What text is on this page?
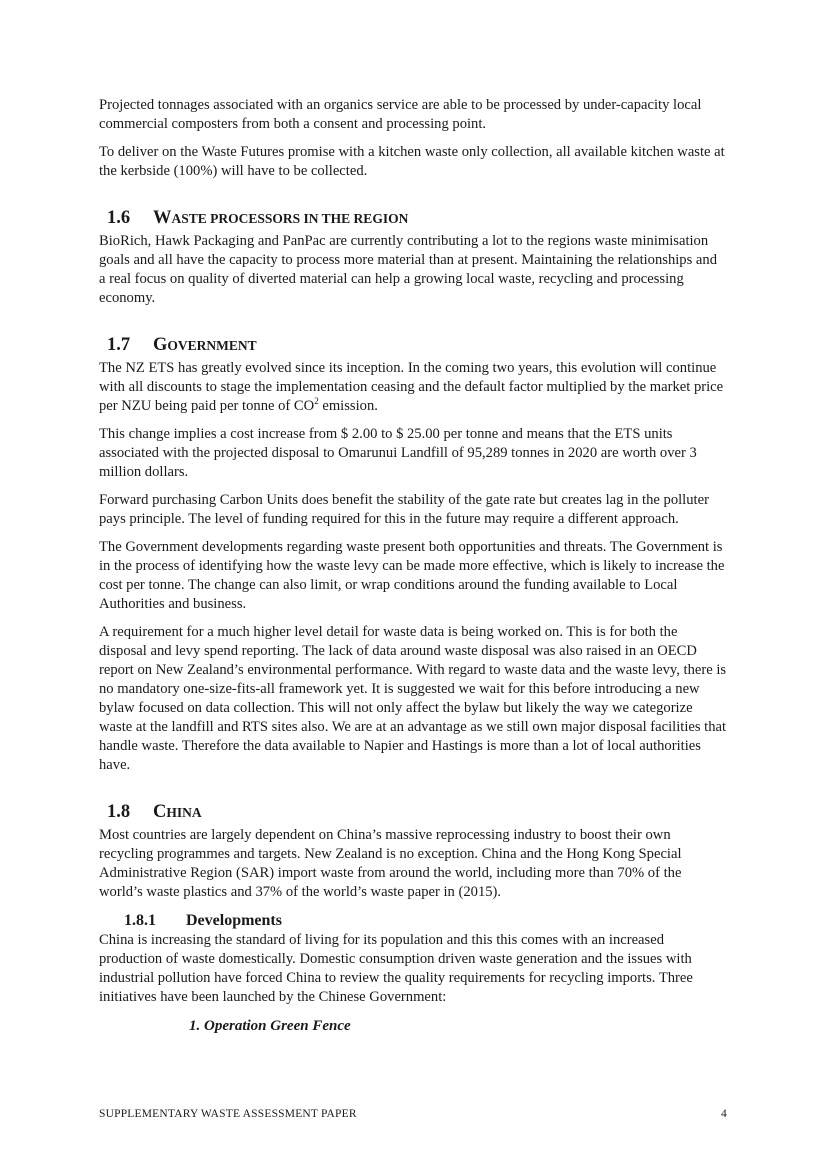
Projected tonnages associated with an organics service are able to be processed by under-capacity local commercial composters from both a consent and processing point.

To deliver on the Waste Futures promise with a kitchen waste only collection, all available kitchen waste at the kerbside (100%) will have to be collected.

1.6 WASTE PROCESSORS IN THE REGION

BioRich, Hawk Packaging and PanPac are currently contributing a lot to the regions waste minimisation goals and all have the capacity to process more material than at present. Maintaining the relationships and a real focus on quality of diverted material can help a growing local waste, recycling and processing economy.

1.7 GOVERNMENT

The NZ ETS has greatly evolved since its inception. In the coming two years, this evolution will continue with all discounts to stage the implementation ceasing and the default factor multiplied by the market price per NZU being paid per tonne of $CO^2$ emission.

This change implies a cost increase from $ 2.00 to $ 25.00 per tonne and means that the ETS units associated with the projected disposal to Omarunui Landfill of 95,289 tonnes in 2020 are worth over 3 million dollars.

Forward purchasing Carbon Units does benefit the stability of the gate rate but creates lag in the polluter pays principle. The level of funding required for this in the future may require a different approach.

The Government developments regarding waste present both opportunities and threats. The Government is in the process of identifying how the waste levy can be made more effective, which is likely to increase the cost per tonne. The change can also limit, or wrap conditions around the funding available to Local Authorities and business.

A requirement for a much higher level detail for waste data is being worked on. This is for both the disposal and levy spend reporting. The lack of data around waste disposal was also raised in an OECD report on New Zealand’s environmental performance. With regard to waste data and the waste levy, there is no mandatory one-size-fits-all framework yet. It is suggested we wait for this before introducing a new bylaw focused on data collection. This will not only affect the bylaw but likely the way we categorize waste at the landfill and RTS sites also. We are at an advantage as we still own major disposal facilities that handle waste. Therefore the data available to Napier and Hastings is more than a lot of local authorities have.

1.8 CHINA

Most countries are largely dependent on China’s massive reprocessing industry to boost their own recycling programmes and targets. New Zealand is no exception. China and the Hong Kong Special Administrative Region (SAR) import waste from around the world, including more than 70% of the world’s waste plastics and 37% of the world’s waste paper in (2015).

1.8.1 Developments

China is increasing the standard of living for its population and this this comes with an increased production of waste domestically. Domestic consumption driven waste generation and the issues with industrial pollution have forced China to review the quality requirements for recycling imports. Three initiatives have been launched by the Chinese Government:

1. Operation Green Fence
SUPPLEMENTARY WASTE ASSESSMENT PAPER	4
